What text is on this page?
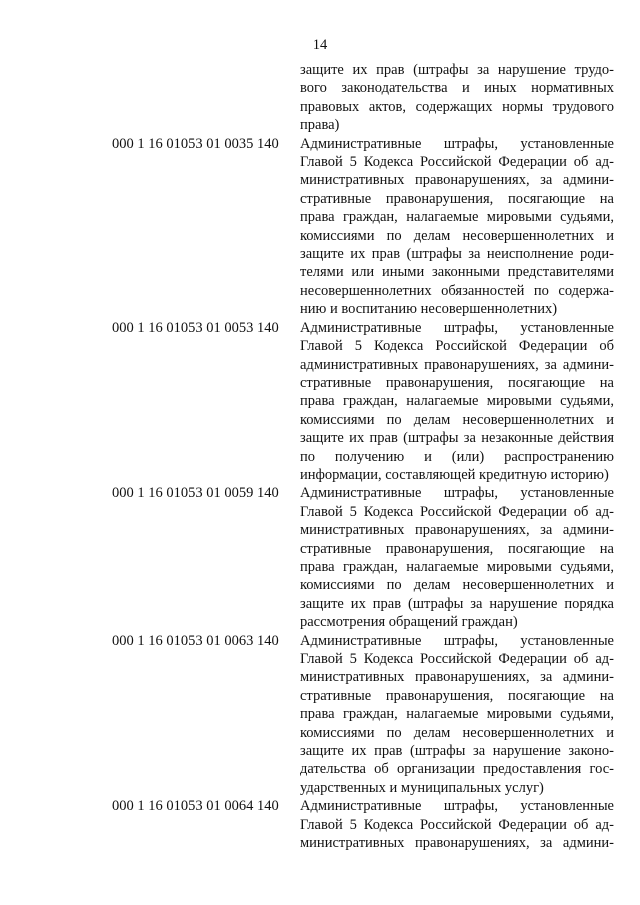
14
защите их прав (штрафы за нарушение трудо-
вого законодательства и иных нормативных
правовых актов, содержащих нормы трудового
права)
000 1 16 01053 01 0035 140 Административные штрафы, установленные
Главой 5 Кодекса Российской Федерации об ад-
министративных правонарушениях, за админи-
стративные правонарушения, посягающие на
права граждан, налагаемые мировыми судьями,
комиссиями по делам несовершеннолетних и
защите их прав (штрафы за неисполнение роди-
телями или иными законными представителями
несовершеннолетних обязанностей по содержа-
нию и воспитанию несовершеннолетних)
000 1 16 01053 01 0053 140 Административные штрафы, установленные
Главой 5 Кодекса Российской Федерации об
административных правонарушениях, за админи-
стративные правонарушения, посягающие на
права граждан, налагаемые мировыми судьями,
комиссиями по делам несовершеннолетних и
защите их прав (штрафы за незаконные действия
по получению и (или) распространению
информации, составляющей кредитную историю)
000 1 16 01053 01 0059 140 Административные штрафы, установленные
Главой 5 Кодекса Российской Федерации об ад-
министративных правонарушениях, за админи-
стративные правонарушения, посягающие на
права граждан, налагаемые мировыми судьями,
комиссиями по делам несовершеннолетних и
защите их прав (штрафы за нарушение порядка
рассмотрения обращений граждан)
000 1 16 01053 01 0063 140 Административные штрафы, установленные
Главой 5 Кодекса Российской Федерации об ад-
министративных правонарушениях, за админи-
стративные правонарушения, посягающие на
права граждан, налагаемые мировыми судьями,
комиссиями по делам несовершеннолетних и
защите их прав (штрафы за нарушение законо-
дательства об организации предоставления гос-
ударственных и муниципальных услуг)
000 1 16 01053 01 0064 140 Административные штрафы, установленные
Главой 5 Кодекса Российской Федерации об ад-
министративных правонарушениях, за админи-
